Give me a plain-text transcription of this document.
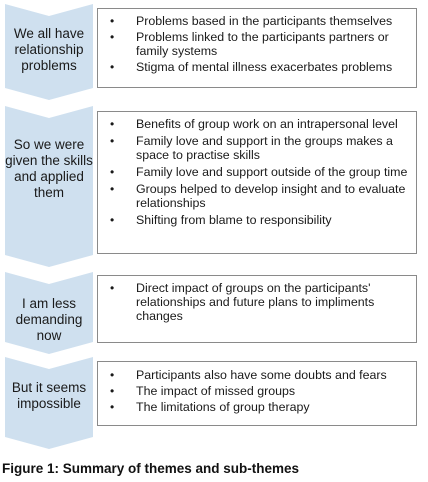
We all have relationship problems
So we were given the skills and applied them
I am less demanding now
But it seems impossible
• Problems based in the participants themselves
• Problems linked to the participants partners or family systems
• Stigma of mental illness exacerbates problems
• Benefits of group work on an intrapersonal level
• Family love and support in the groups makes a space to practise skills
• Family love and support outside of the group time
• Groups helped to develop insight and to evaluate relationships
• Shifting from blame to responsibility
• Direct impact of groups on the participants' relationships and future plans to impliments changes
• Participants also have some doubts and fears
• The impact of missed groups
• The limitations of group therapy
Figure 1: Summary of themes and sub-themes
